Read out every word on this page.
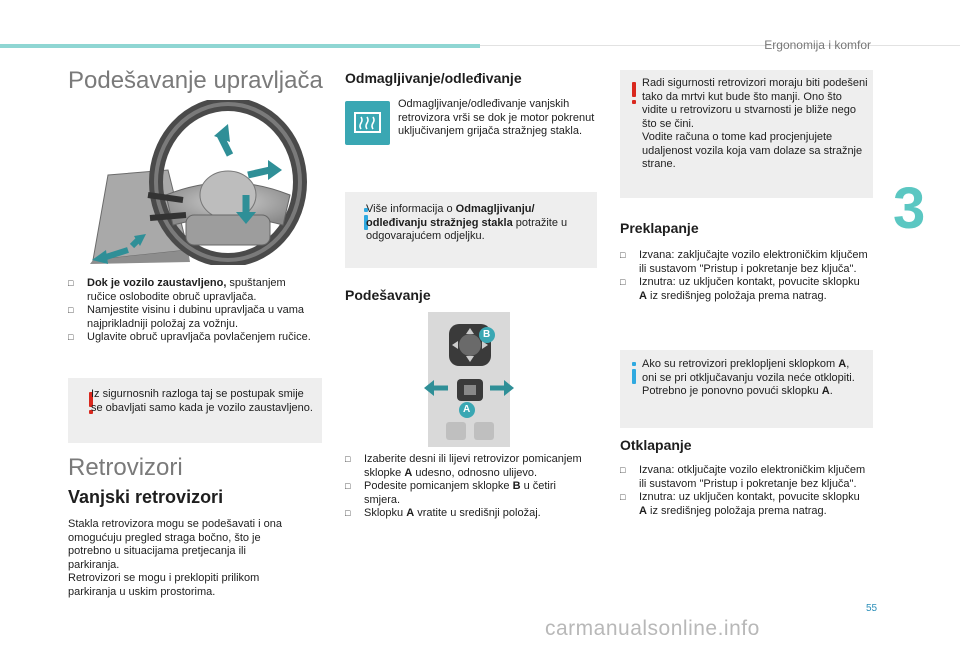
Ergonomija i komfor
3
Podešavanje upravljača
□ Dok je vozilo zaustavljeno, spuštanjem ručice oslobodite obruč upravljača.
□ Namjestite visinu i dubinu upravljača u vama najprikladniji položaj za vožnju.
□ Uglavite obruč upravljača povlačenjem ručice.

Iz sigurnosnih razloga taj se postupak smije se obavljati samo kada je vozilo zaustavljeno.

Retrovizori
Vanjski retrovizori

Stakla retrovizora mogu se podešavati i ona omogućuju pregled straga bočno, što je potrebno u situacijama pretjecanja ili parkiranja.
Retrovizori se mogu i preklopiti prilikom parkiranja u uskim prostorima.

Odmagljivanje/odleđivanje

Odmagljivanje/odleđivanje vanjskih retrovizora vrši se dok je motor pokrenut uključivanjem grijača stražnjeg stakla.

Više informacija o Odmagljivanju/ odleđivanju stražnjeg stakla potražite u odgovarajućem odjeljku.

Podešavanje
B
A
□ Izaberite desni ili lijevi retrovizor pomicanjem sklopke A udesno, odnosno ulijevo.
□ Podesite pomicanjem sklopke B u četiri smjera.
□ Sklopku A vratite u središnji položaj.

Radi sigurnosti retrovizori moraju biti podešeni tako da mrtvi kut bude što manji. Ono što vidite u retrovizoru u stvarnosti je bliže nego što se čini.
Vodite računa o tome kad procjenjujete udaljenost vozila koja vam dolaze sa stražnje strane.

Preklapanje
□ Izvana: zaključajte vozilo elektroničkim ključem ili sustavom "Pristup i pokretanje bez ključa".
□ Iznutra: uz uključen kontakt, povucite sklopku A iz središnjeg položaja prema natrag.

Ako su retrovizori preklopljeni sklopkom A, oni se pri otključavanju vozila neće otklopiti. Potrebno je ponovno povući sklopku A.

Otklapanje
□ Izvana: otključajte vozilo elektroničkim ključem ili sustavom "Pristup i pokretanje bez ključa".
□ Iznutra: uz uključen kontakt, povucite sklopku A iz središnjeg položaja prema natrag.
55
carmanualsonline.info
